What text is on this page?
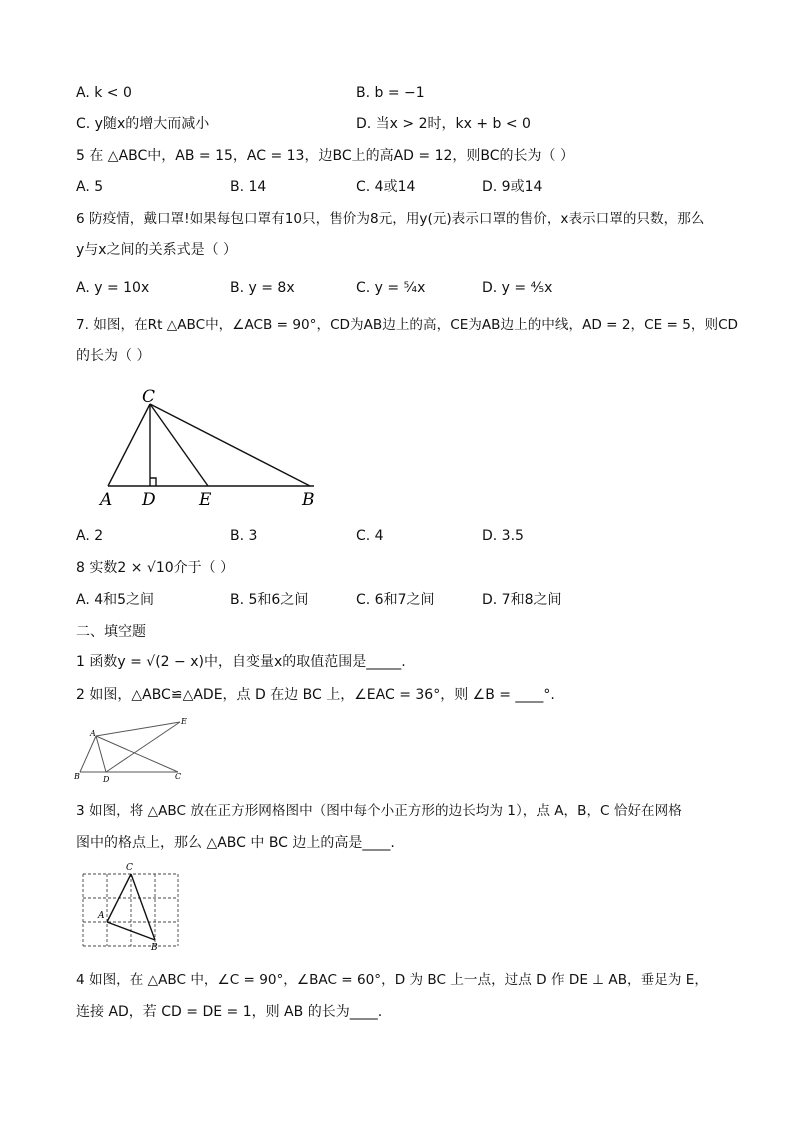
A. k < 0	B. b = −1
C. y随x的增大而减小	D. 当x > 2时，kx + b < 0
5 在 △ABC中，AB = 15，AC = 13，边BC上的高AD = 12，则BC的长为（ ）
A. 5	B. 14	C. 4或14	D. 9或14
6 防疫情，戴口罩!如果每包口罩有10只，售价为8元，用y(元)表示口罩的售价，x表示口罩的只数，那么
y与x之间的关系式是（ ）
A. y = 10x	B. y = 8x	C. y = ⁵⁄₄x	D. y = ⁴⁄₅x
7. 如图，在Rt △ABC中，∠ACB = 90°，CD为AB边上的高，CE为AB边上的中线，AD = 2，CE = 5，则CD
的长为（ ）
C
A D	E	B
A. 2	B. 3	C. 4	D. 3.5
8 实数2 × √10介于（ ）
A. 4和5之间	B. 5和6之间	C. 6和7之间	D. 7和8之间
二、填空题
1 函数y = √(2 − x)中，自变量x的取值范围是_____.
2 如图，△ABC≌△ADE，点 D 在边 BC 上，∠EAC = 36°，则 ∠B = ____°.
A
E
B	D	C
3 如图，将 △ABC 放在正方形网格图中（图中每个小正方形的边长均为 1），点 A，B，C 恰好在网格
图中的格点上，那么 △ABC 中 BC 边上的高是____.
C
A
B
4 如图，在 △ABC 中，∠C = 90°，∠BAC = 60°，D 为 BC 上一点，过点 D 作 DE ⊥ AB，垂足为 E，
连接 AD，若 CD = DE = 1，则 AB 的长为____.
